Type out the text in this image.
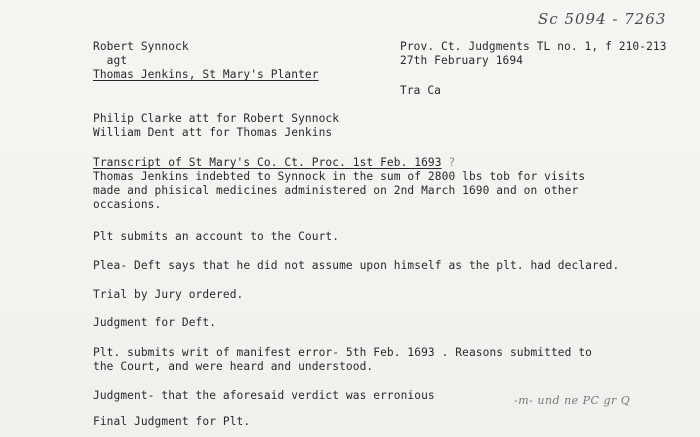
Sc 5094 - 7263
Robert Synnock
agt
Thomas Jenkins, St Mary's Planter
Prov. Ct. Judgments TL no. 1, f 210-213
27th February 1694
Tra Ca
Philip Clarke att for Robert Synnock
William Dent att for Thomas Jenkins
Transcript of St Mary's Co. Ct. Proc. 1st Feb. 1693 ?
Thomas Jenkins indebted to Synnock in the sum of 2800 lbs tob for visits
made and phisical medicines administered on 2nd March 1690 and on other
occasions.
Plt submits an account to the Court.
Plea- Deft says that he did not assume upon himself as the plt. had declared.
Trial by Jury ordered.
Judgment for Deft.
Plt. submits writ of manifest error- 5th Feb. 1693 . Reasons submitted to
the Court, and were heard and understood.
Judgment- that the aforesaid verdict was erronious	-m- und ne PC gr Q
Final Judgment for Plt.
